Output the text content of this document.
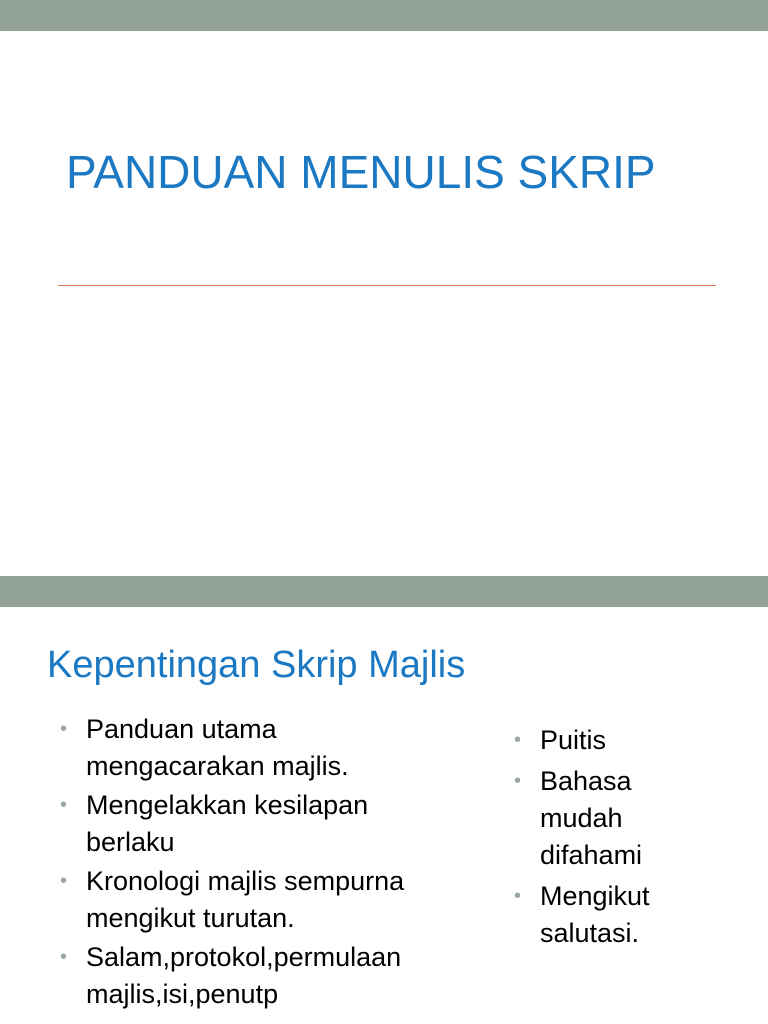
PANDUAN MENULIS SKRIP
Kepentingan Skrip Majlis
• Panduan utama
mengacarakan majlis.
• Mengelakkan kesilapan
berlaku
• Kronologi majlis sempurna
mengikut turutan.
• Salam,protokol,permulaan
majlis,isi,penutp
• Puitis
• Bahasa
mudah
difahami
• Mengikut
salutasi.
